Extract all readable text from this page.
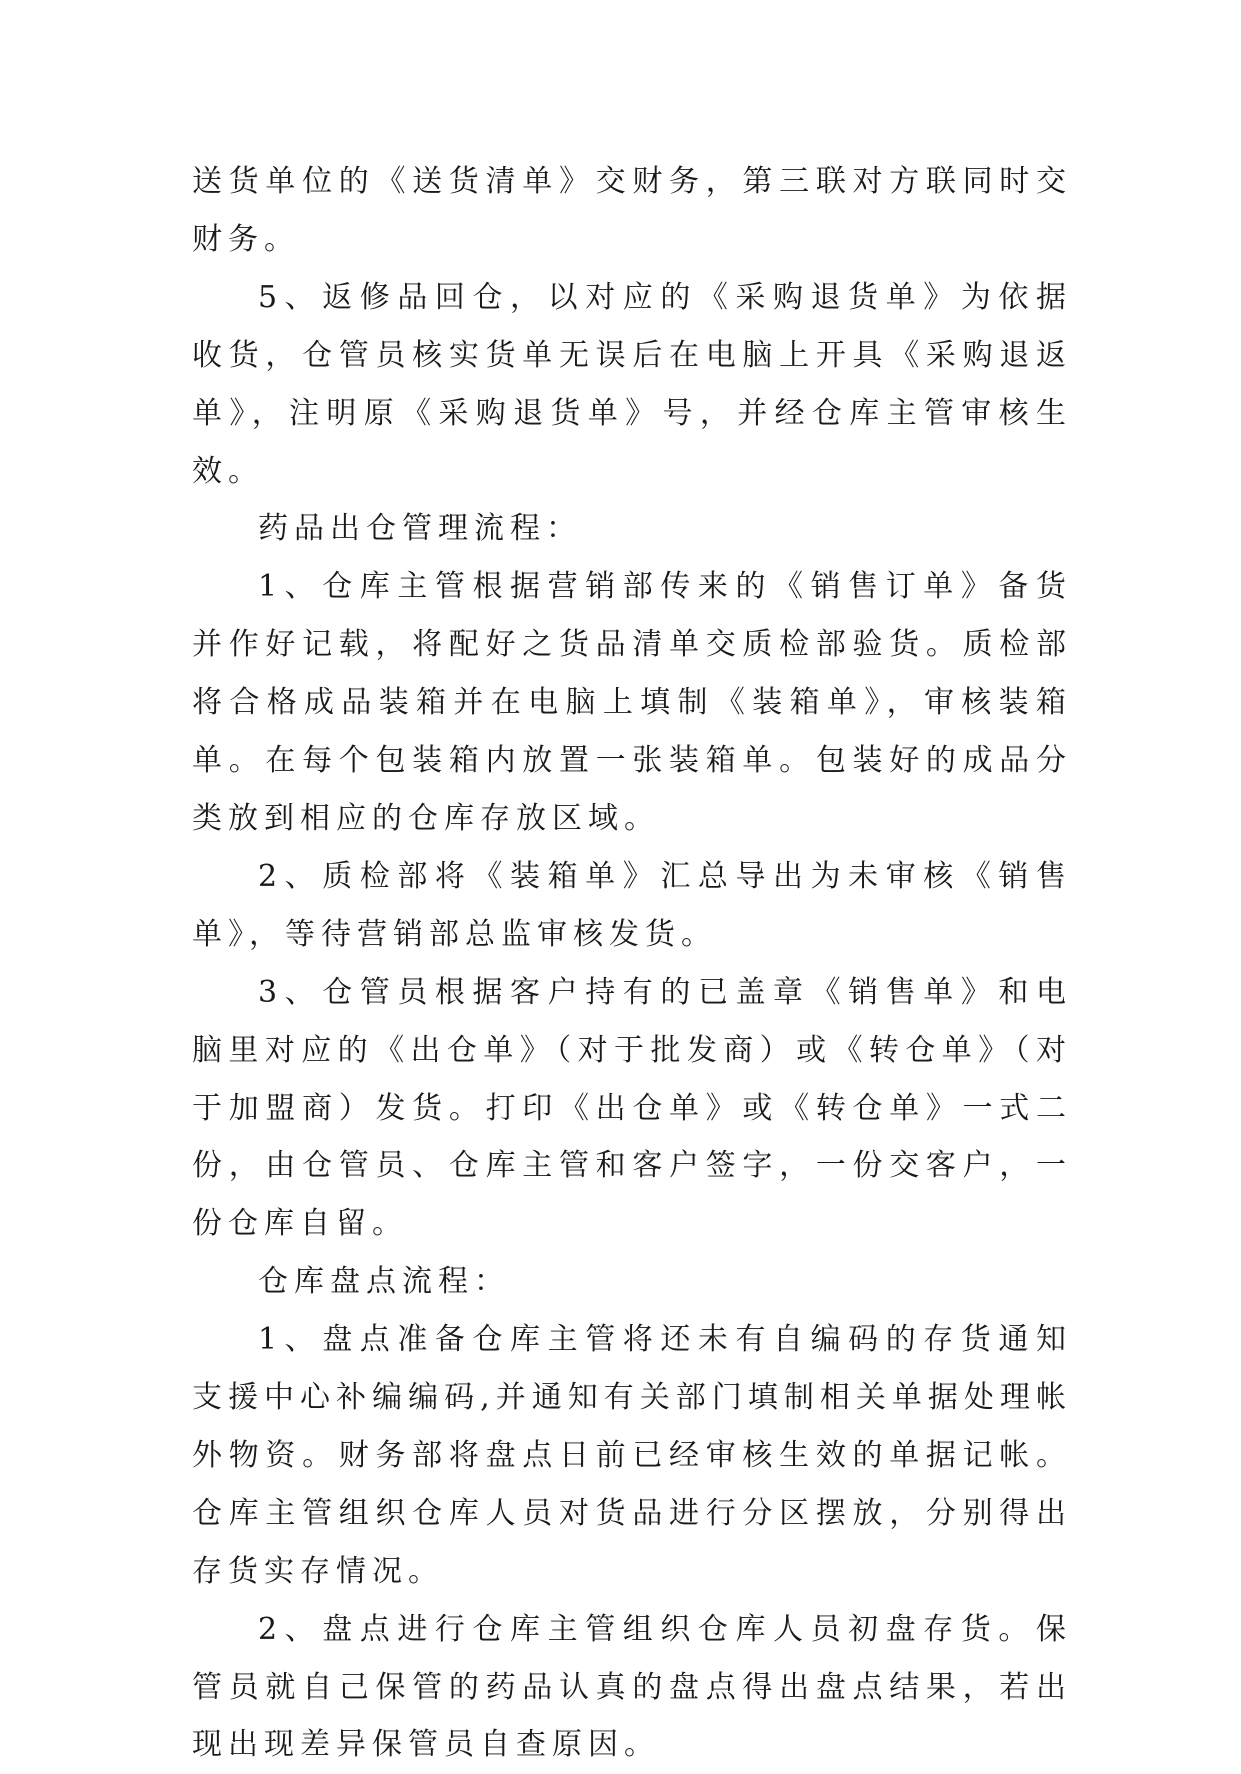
送货单位的《送货清单》交财务，第三联对方联同时交财务。

5、返修品回仓，以对应的《采购退货单》为依据收货，仓管员核实货单无误后在电脑上开具《采购退返单》，注明原《采购退货单》号，并经仓库主管审核生效。

药品出仓管理流程：

1、仓库主管根据营销部传来的《销售订单》备货并作好记载，将配好之货品清单交质检部验货。质检部将合格成品装箱并在电脑上填制《装箱单》，审核装箱单。在每个包装箱内放置一张装箱单。包装好的成品分类放到相应的仓库存放区域。

2、质检部将《装箱单》汇总导出为未审核《销售单》，等待营销部总监审核发货。

3、仓管员根据客户持有的已盖章《销售单》和电脑里对应的《出仓单》（对于批发商）或《转仓单》（对于加盟商）发货。打印《出仓单》或《转仓单》一式二份，由仓管员、仓库主管和客户签字，一份交客户，一份仓库自留。

仓库盘点流程：

1、盘点准备仓库主管将还未有自编码的存货通知支援中心补编编码,并通知有关部门填制相关单据处理帐外物资。财务部将盘点日前已经审核生效的单据记帐。仓库主管组织仓库人员对货品进行分区摆放，分别得出存货实存情况。

2、盘点进行仓库主管组织仓库人员初盘存货。保管员就自己保管的药品认真的盘点得出盘点结果，若出现出现差异保管员自查原因。
